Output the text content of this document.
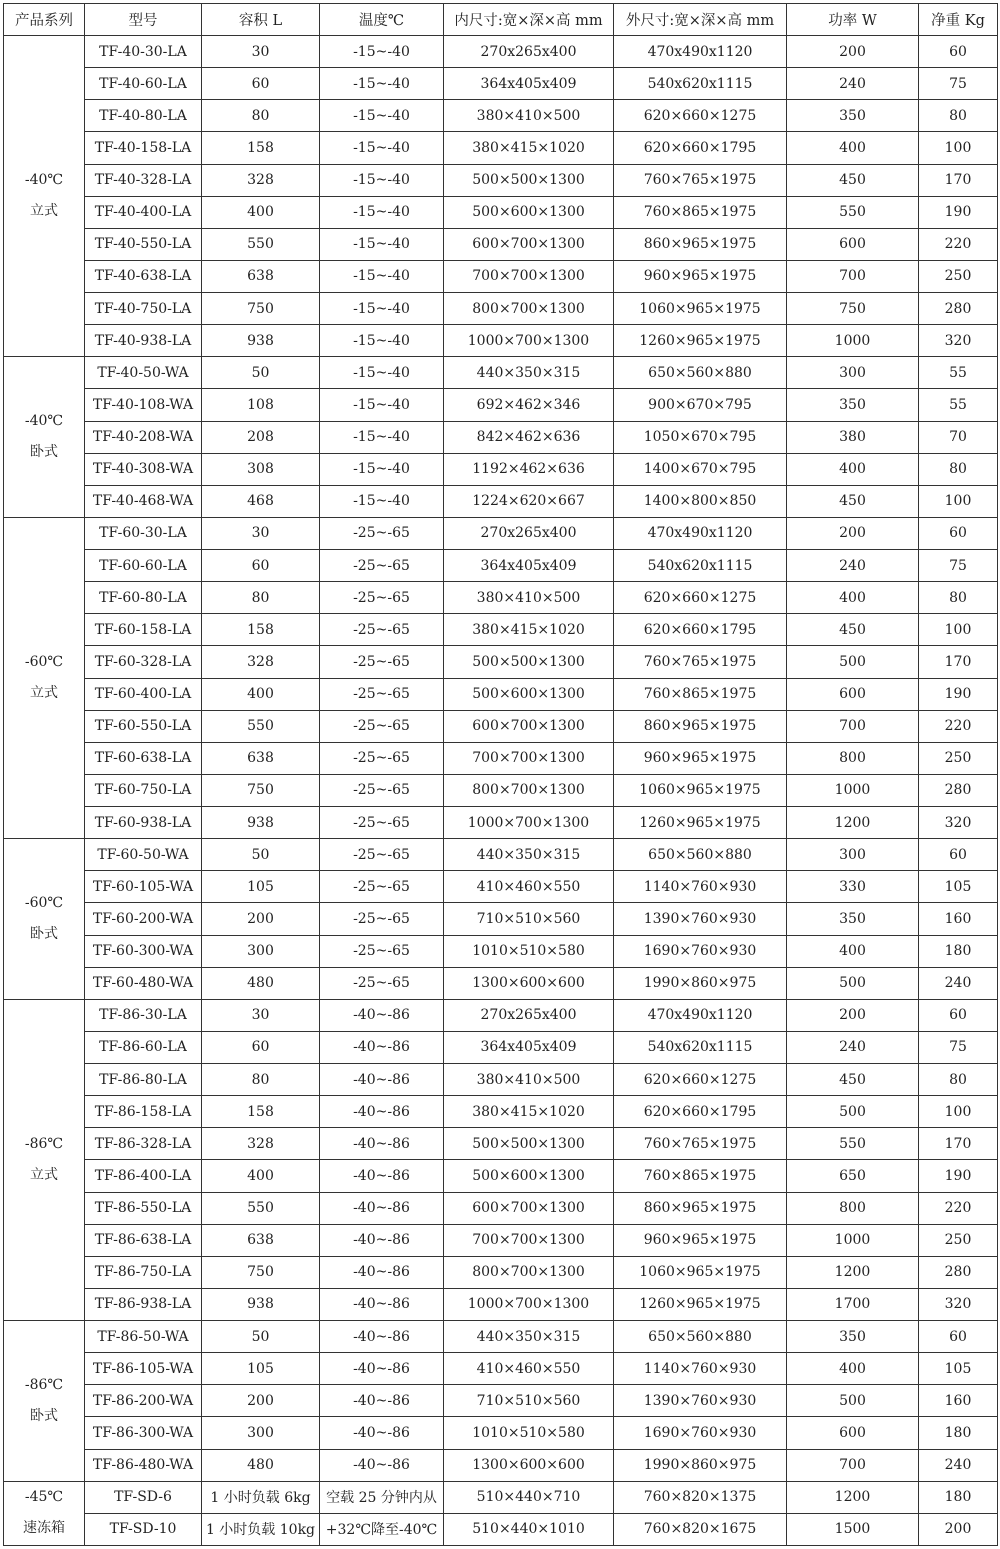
产品系列	型号	容积 L	温度℃	内尺寸:宽×深×高 mm	外尺寸:宽×深×高 mm	功率 W	净重 Kg

-40℃
立式	TF-40-30-LA	30	-15~-40	270x265x400	470x490x1120	200	60
	TF-40-60-LA	60	-15~-40	364x405x409	540x620x1115	240	75
	TF-40-80-LA	80	-15~-40	380×410×500	620×660×1275	350	80
	TF-40-158-LA	158	-15~-40	380×415×1020	620×660×1795	400	100
	TF-40-328-LA	328	-15~-40	500×500×1300	760×765×1975	450	170
	TF-40-400-LA	400	-15~-40	500×600×1300	760×865×1975	550	190
	TF-40-550-LA	550	-15~-40	600×700×1300	860×965×1975	600	220
	TF-40-638-LA	638	-15~-40	700×700×1300	960×965×1975	700	250
	TF-40-750-LA	750	-15~-40	800×700×1300	1060×965×1975	750	280
	TF-40-938-LA	938	-15~-40	1000×700×1300	1260×965×1975	1000	320

-40℃
卧式	TF-40-50-WA	50	-15~-40	440×350×315	650×560×880	300	55
	TF-40-108-WA	108	-15~-40	692×462×346	900×670×795	350	55
	TF-40-208-WA	208	-15~-40	842×462×636	1050×670×795	380	70
	TF-40-308-WA	308	-15~-40	1192×462×636	1400×670×795	400	80
	TF-40-468-WA	468	-15~-40	1224×620×667	1400×800×850	450	100

-60℃
立式	TF-60-30-LA	30	-25~-65	270x265x400	470x490x1120	200	60
	TF-60-60-LA	60	-25~-65	364x405x409	540x620x1115	240	75
	TF-60-80-LA	80	-25~-65	380×410×500	620×660×1275	400	80
	TF-60-158-LA	158	-25~-65	380×415×1020	620×660×1795	450	100
	TF-60-328-LA	328	-25~-65	500×500×1300	760×765×1975	500	170
	TF-60-400-LA	400	-25~-65	500×600×1300	760×865×1975	600	190
	TF-60-550-LA	550	-25~-65	600×700×1300	860×965×1975	700	220
	TF-60-638-LA	638	-25~-65	700×700×1300	960×965×1975	800	250
	TF-60-750-LA	750	-25~-65	800×700×1300	1060×965×1975	1000	280
	TF-60-938-LA	938	-25~-65	1000×700×1300	1260×965×1975	1200	320

-60℃
卧式	TF-60-50-WA	50	-25~-65	440×350×315	650×560×880	300	60
	TF-60-105-WA	105	-25~-65	410×460×550	1140×760×930	330	105
	TF-60-200-WA	200	-25~-65	710×510×560	1390×760×930	350	160
	TF-60-300-WA	300	-25~-65	1010×510×580	1690×760×930	400	180
	TF-60-480-WA	480	-25~-65	1300×600×600	1990×860×975	500	240

-86℃
立式	TF-86-30-LA	30	-40~-86	270x265x400	470x490x1120	200	60
	TF-86-60-LA	60	-40~-86	364x405x409	540x620x1115	240	75
	TF-86-80-LA	80	-40~-86	380×410×500	620×660×1275	450	80
	TF-86-158-LA	158	-40~-86	380×415×1020	620×660×1795	500	100
	TF-86-328-LA	328	-40~-86	500×500×1300	760×765×1975	550	170
	TF-86-400-LA	400	-40~-86	500×600×1300	760×865×1975	650	190
	TF-86-550-LA	550	-40~-86	600×700×1300	860×965×1975	800	220
	TF-86-638-LA	638	-40~-86	700×700×1300	960×965×1975	1000	250
	TF-86-750-LA	750	-40~-86	800×700×1300	1060×965×1975	1200	280
	TF-86-938-LA	938	-40~-86	1000×700×1300	1260×965×1975	1700	320

-86℃
卧式	TF-86-50-WA	50	-40~-86	440×350×315	650×560×880	350	60
	TF-86-105-WA	105	-40~-86	410×460×550	1140×760×930	400	105
	TF-86-200-WA	200	-40~-86	710×510×560	1390×760×930	500	160
	TF-86-300-WA	300	-40~-86	1010×510×580	1690×760×930	600	180
	TF-86-480-WA	480	-40~-86	1300×600×600	1990×860×975	700	240

-45℃
速冻箱	TF-SD-6	1 小时负载 6kg	空载 25 分钟内从	510×440×710	760×820×1375	1200	180
	TF-SD-10	1 小时负载 10kg	+32℃降至-40℃	510×440×1010	760×820×1675	1500	200
